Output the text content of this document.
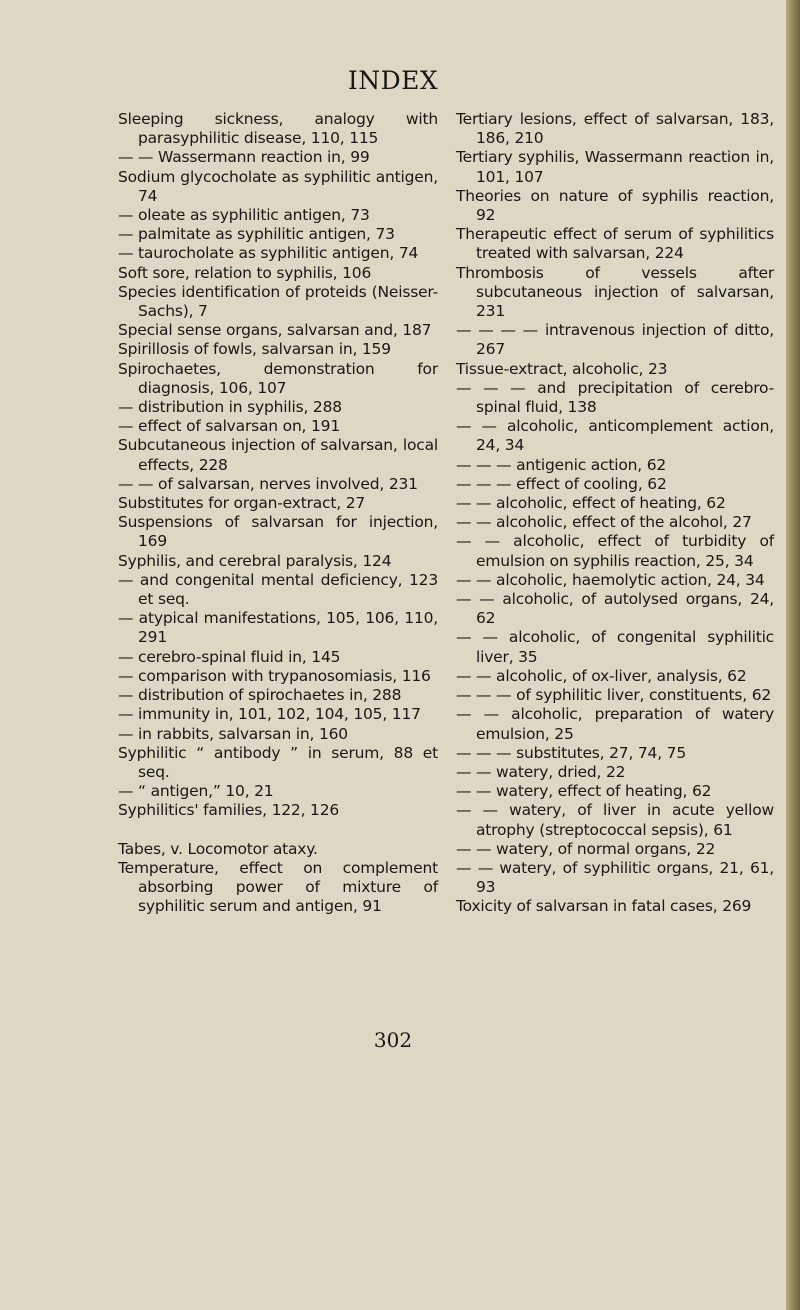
INDEX

Sleeping sickness, analogy with parasyphilitic disease, 110, 115

— — Wassermann reaction in, 99

Sodium glycocholate as syphilitic antigen, 74

— oleate as syphilitic antigen, 73

— palmitate as syphilitic antigen, 73

— taurocholate as syphilitic antigen, 74

Soft sore, relation to syphilis, 106

Species identification of proteids (Neisser-Sachs), 7

Special sense organs, salvarsan and, 187

Spirillosis of fowls, salvarsan in, 159

Spirochaetes, demonstration for diagnosis, 106, 107

— distribution in syphilis, 288

— effect of salvarsan on, 191

Subcutaneous injection of salvarsan, local effects, 228

— — of salvarsan, nerves involved, 231

Substitutes for organ-extract, 27

Suspensions of salvarsan for injection, 169

Syphilis, and cerebral paralysis, 124

— and congenital mental deficiency, 123 et seq.

— atypical manifestations, 105, 106, 110, 291

— cerebro-spinal fluid in, 145

— comparison with trypanosomiasis, 116

— distribution of spirochaetes in, 288

— immunity in, 101, 102, 104, 105, 117

— in rabbits, salvarsan in, 160

Syphilitic “ antibody ” in serum, 88 et seq.

— “ antigen,” 10, 21

Syphilitics' families, 122, 126

Tabes, v. Locomotor ataxy.

Temperature, effect on complement absorbing power of mixture of syphilitic serum and antigen, 91

Tertiary lesions, effect of salvarsan, 183, 186, 210

Tertiary syphilis, Wassermann reaction in, 101, 107

Theories on nature of syphilis reaction, 92

Therapeutic effect of serum of syphilitics treated with salvarsan, 224

Thrombosis of vessels after subcutaneous injection of salvarsan, 231

— — — — intravenous injection of ditto, 267

Tissue-extract, alcoholic, 23

— — — and precipitation of cerebro-spinal fluid, 138

— — alcoholic, anticomplement action, 24, 34

— — — antigenic action, 62

— — — effect of cooling, 62

— — alcoholic, effect of heating, 62

— — alcoholic, effect of the alcohol, 27

— — alcoholic, effect of turbidity of emulsion on syphilis reaction, 25, 34

— — alcoholic, haemolytic action, 24, 34

— — alcoholic, of autolysed organs, 24, 62

— — alcoholic, of congenital syphilitic liver, 35

— — alcoholic, of ox-liver, analysis, 62

— — — of syphilitic liver, constituents, 62

— — alcoholic, preparation of watery emulsion, 25

— — — substitutes, 27, 74, 75

— — watery, dried, 22

— — watery, effect of heating, 62

— — watery, of liver in acute yellow atrophy (streptococcal sepsis), 61

— — watery, of normal organs, 22

— — watery, of syphilitic organs, 21, 61, 93

Toxicity of salvarsan in fatal cases, 269

302
